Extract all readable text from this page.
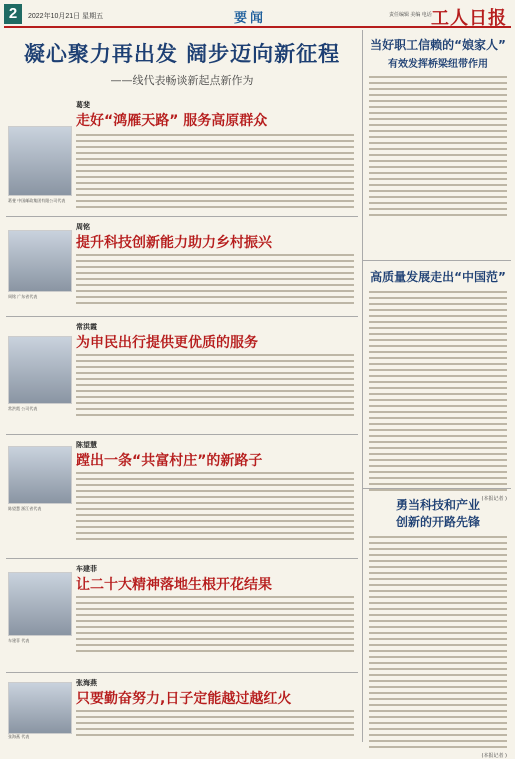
2	2022年10月21日 星期五	要闻	责任编辑 美编 电话 工人日报
凝心聚力再出发 阔步迈向新征程
——线代表畅谈新起点新作为
葛斐
走好“鸿雁天路” 服务高原群众
葛斐 中国邮政集团有限公司代表
周铭
提升科技创新能力助力乡村振兴
周铭 广东省代表
常洪霞
为申民出行提供更优质的服务
常洪霞 公司代表
陈望慧
蹚出一条“共富村庄”的新路子
陈望慧 浙江省代表
车建菲
让二十大精神落地生根开花结果
车建菲 代表
张海燕
只要勤奋努力,日子定能越过越红火
张海燕 代表
当好职工信赖的“娘家人”
有效发挥桥梁纽带作用
高质量发展走出“中国范”
(本报记者 )
勇当科技和产业
创新的开路先锋
(本报记者 )
